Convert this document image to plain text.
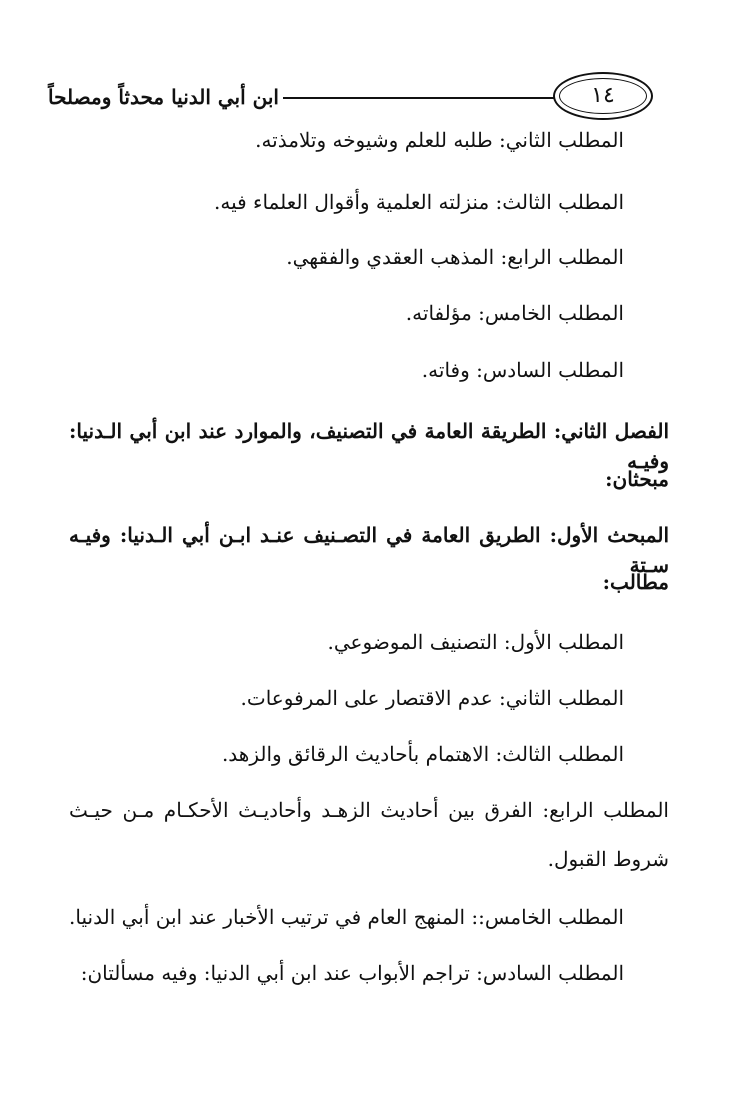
١٤
ابن أبي الدنيا محدثاً ومصلحاً
المطلب الثاني: طلبه للعلم وشيوخه وتلامذته.
المطلب الثالث: منزلته العلمية وأقوال العلماء فيه.
المطلب الرابع: المذهب العقدي والفقهي.
المطلب الخامس: مؤلفاته.
المطلب السادس: وفاته.
الفصل الثاني: الطريقة العامة في التصنيف، والموارد عند ابن أبي الـدنيا: وفيـه
مبحثان:
المبحث الأول: الطريق العامة في التصـنيف عنـد ابـن أبي الـدنيا: وفيـه سـتة
مطالب:
المطلب الأول: التصنيف الموضوعي.
المطلب الثاني: عدم الاقتصار على المرفوعات.
المطلب الثالث: الاهتمام بأحاديث الرقائق والزهد.
المطلب الرابع: الفرق بين أحاديث الزهـد وأحاديـث الأحكـام مـن حيـث
شروط القبول.
المطلب الخامس:: المنهج العام في ترتيب الأخبار عند ابن أبي الدنيا.
المطلب السادس: تراجم الأبواب عند ابن أبي الدنيا: وفيه مسألتان:
